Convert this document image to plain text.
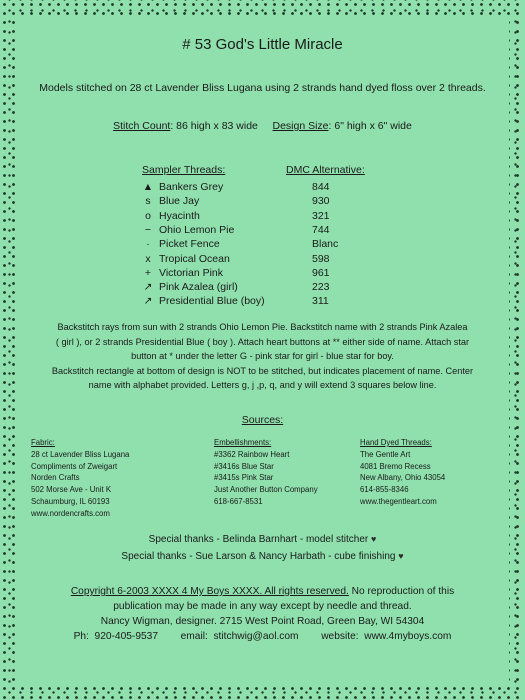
# 53 God's Little Miracle
Models stitched on 28 ct Lavender Bliss Lugana using 2 strands hand dyed floss over 2 threads.
Stitch Count: 86 high x 83 wide Design Size: 6" high x 6" wide
Sampler Threads:	DMC Alternative:
▲ Bankers Grey	844
s Blue Jay	930
o Hyacinth	321
− Ohio Lemon Pie	744
· Picket Fence	Blanc
x Tropical Ocean	598
+ Victorian Pink	961
↗ Pink Azalea (girl)	223
↗ Presidential Blue (boy)	311
Backstitch rays from sun with 2 strands Ohio Lemon Pie. Backstitch name with 2 strands Pink Azalea
( girl ), or 2 strands Presidential Blue ( boy ). Attach heart buttons at ** either side of name. Attach star
button at * under the letter G - pink star for girl - blue star for boy.
Backstitch rectangle at bottom of design is NOT to be stitched, but indicates placement of name. Center
name with alphabet provided. Letters g, j ,p, q, and y will extend 3 squares below line.
Sources:
Fabric:
28 ct Lavender Bliss Lugana
Compliments of Zweigart
Norden Crafts
502 Morse Ave - Unit K
Schaumburg, IL 60193
www.nordencrafts.com
Embellishments:
#3362 Rainbow Heart
#3416s Blue Star
#3415s Pink Star
Just Another Button Company
618-667-8531
Hand Dyed Threads:
The Gentle Art
4081 Bremo Recess
New Albany, Ohio 43054
614-855-8346
www.thegentleart.com
Special thanks - Belinda Barnhart - model stitcher ♥
Special thanks - Sue Larson & Nancy Harbath - cube finishing ♥
Copyright 6-2003 XXXX 4 My Boys XXXX. All rights reserved. No reproduction of this
publication may be made in any way except by needle and thread.
Nancy Wigman, designer. 2715 West Point Road, Green Bay, WI 54304
Ph:  920-405-9537        email:  stitchwig@aol.com        website:  www.4myboys.com
